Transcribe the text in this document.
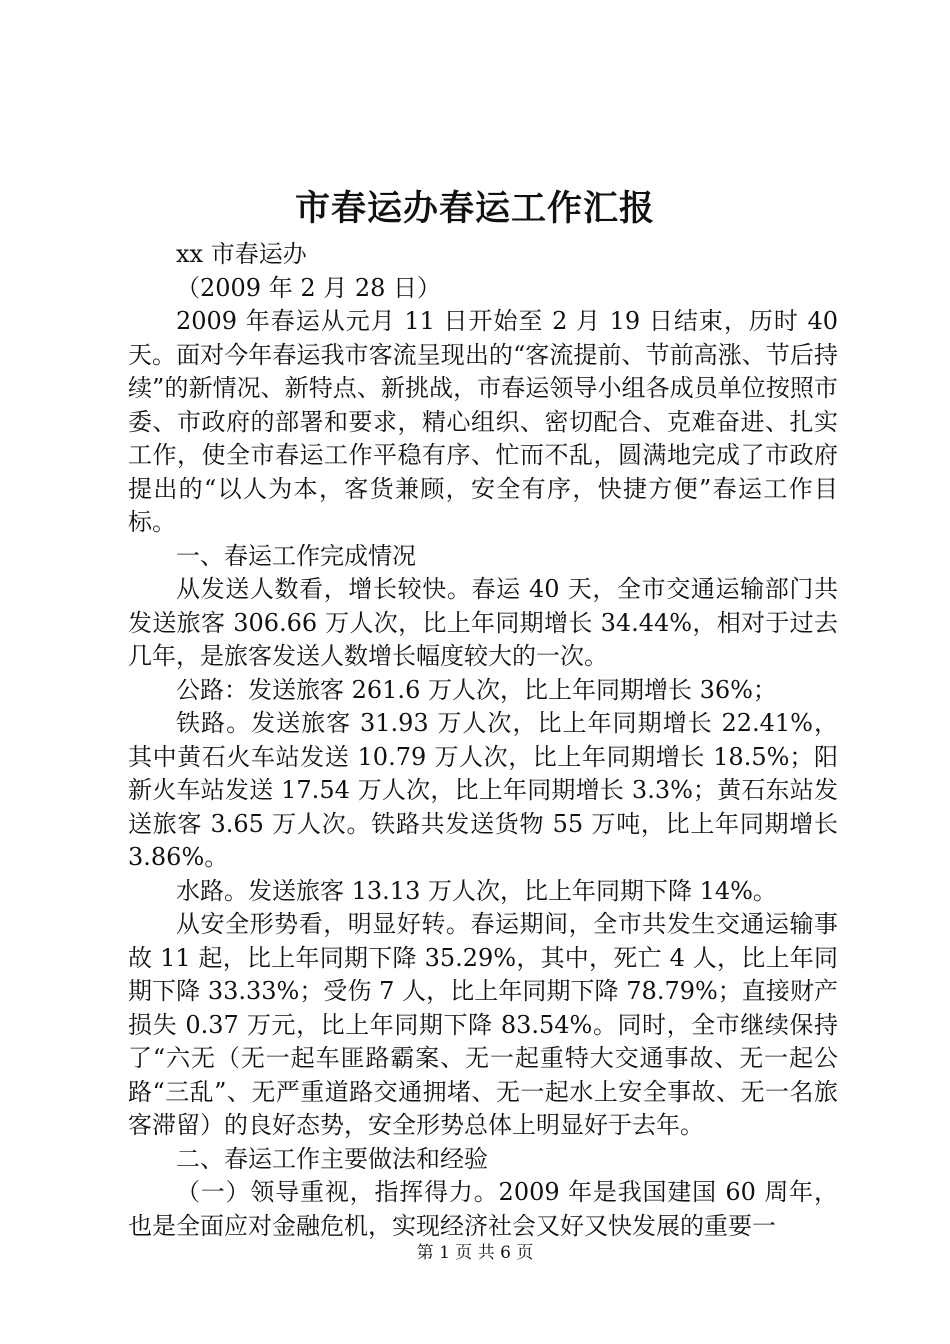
市春运办春运工作汇报

xx 市春运办

（2009 年 2 月 28 日）

2009 年春运从元月 11 日开始至 2 月 19 日结束，历时 40 天。面对今年春运我市客流呈现出的“客流提前、节前高涨、节后持续”的新情况、新特点、新挑战，市春运领导小组各成员单位按照市委、市政府的部署和要求，精心组织、密切配合、克难奋进、扎实工作，使全市春运工作平稳有序、忙而不乱，圆满地完成了市政府提出的“以人为本，客货兼顾，安全有序，快捷方便”春运工作目标。

一、春运工作完成情况

从发送人数看，增长较快。春运 40 天，全市交通运输部门共发送旅客 306.66 万人次，比上年同期增长 34.44%，相对于过去几年，是旅客发送人数增长幅度较大的一次。

公路：发送旅客 261.6 万人次，比上年同期增长 36%；

铁路。发送旅客 31.93 万人次，比上年同期增长 22.41%，其中黄石火车站发送 10.79 万人次，比上年同期增长 18.5%；阳新火车站发送 17.54 万人次，比上年同期增长 3.3%；黄石东站发送旅客 3.65 万人次。铁路共发送货物 55 万吨，比上年同期增长 3.86%。

水路。发送旅客 13.13 万人次，比上年同期下降 14%。

从安全形势看，明显好转。春运期间，全市共发生交通运输事故 11 起，比上年同期下降 35.29%，其中，死亡 4 人，比上年同期下降 33.33%；受伤 7 人，比上年同期下降 78.79%；直接财产损失 0.37 万元，比上年同期下降 83.54%。同时，全市继续保持了“六无（无一起车匪路霸案、无一起重特大交通事故、无一起公路“三乱”、无严重道路交通拥堵、无一起水上安全事故、无一名旅客滞留）的良好态势，安全形势总体上明显好于去年。

二、春运工作主要做法和经验

（一）领导重视，指挥得力。2009 年是我国建国 60 周年，也是全面应对金融危机，实现经济社会又好又快发展的重要一

第 1 页 共 6 页
